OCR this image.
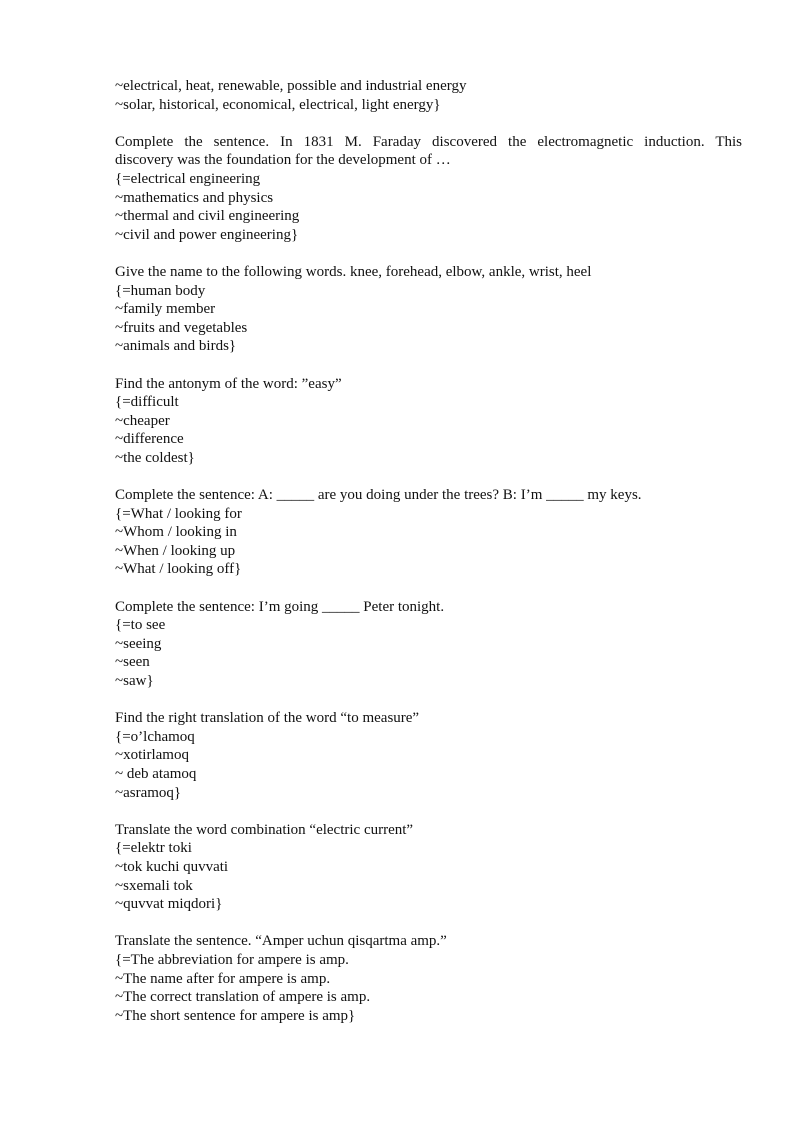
~electrical, heat, renewable, possible and industrial energy
~solar, historical, economical, electrical, light energy}
Complete the sentence. In 1831 M. Faraday discovered the electromagnetic induction. This
discovery was the foundation for the development of …
{=electrical engineering
~mathematics and physics
~thermal and civil engineering
~civil and power engineering}
Give the name to the following words. knee, forehead, elbow, ankle, wrist, heel
{=human body
~family member
~fruits and vegetables
~animals and birds}
Find the antonym of the word: ”easy”
{=difficult
~cheaper
~difference
~the coldest}
Complete the sentence: A: _____ are you doing under the trees? B: I’m _____ my keys.
{=What / looking for
~Whom / looking in
~When / looking up
~What / looking off}
Complete the sentence: I’m going _____ Peter tonight.
{=to see
~seeing
~seen
~saw}
Find the right translation of the word “to measure”
{=o’lchamoq
~xotirlamoq
~ deb atamoq
~asramoq}
Translate the word combination “electric current”
{=elektr toki
~tok kuchi quvvati
~sxemali tok
~quvvat miqdori}
Translate the sentence. “Amper uchun qisqartma amp.”
{=The abbreviation for ampere is amp.
~The name after for ampere is amp.
~The correct translation of ampere is amp.
~The short sentence for ampere is amp}
